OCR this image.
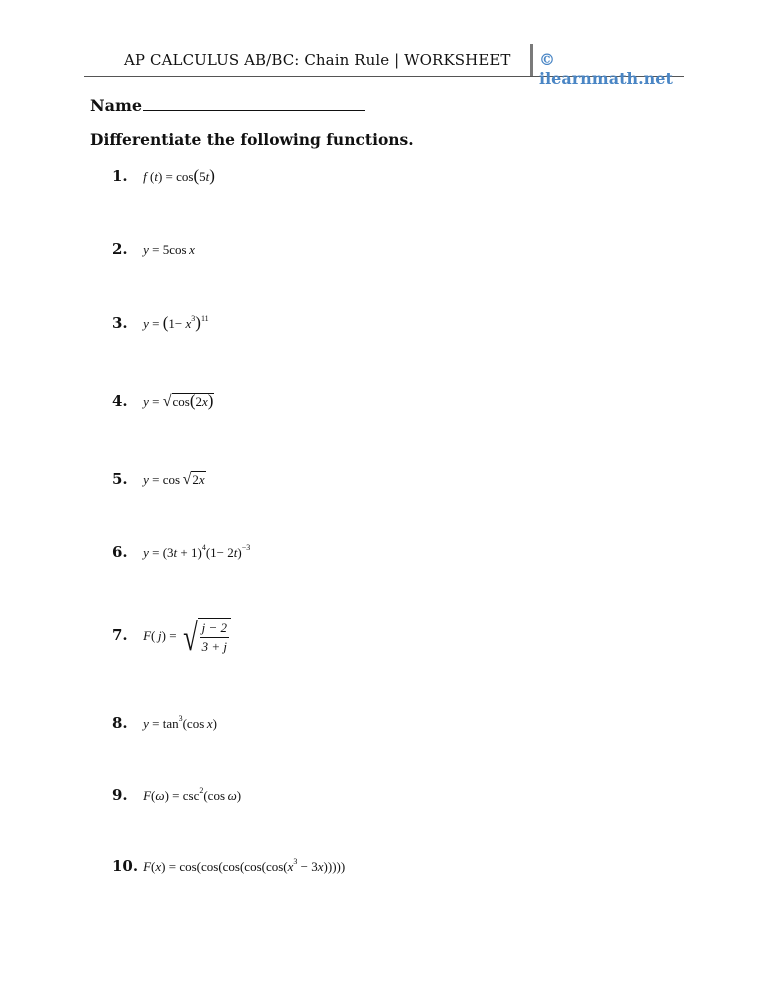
AP CALCULUS AB/BC: Chain Rule | WORKSHEET © ilearnmath.net
Name
Differentiate the following functions.
1. f (t) = cos(5t)
2. y = 5cos x
3. $y = (1- x^3)^{11}$
4. y = √cos(2x)
5. y = cos √2x
6. $y = (3t + 1)^4(1- 2t)^{-3}$
7. F( j) = √ $\frac{j - 2}{3 + j}$
8. $y = \tan^3(\cos$ x)
9. $F(\omega) = \csc^2(\cos$ ω)
10. $F(x) = \cos(\cos(\cos(\cos(\cos(x^3 - 3x)))))$
